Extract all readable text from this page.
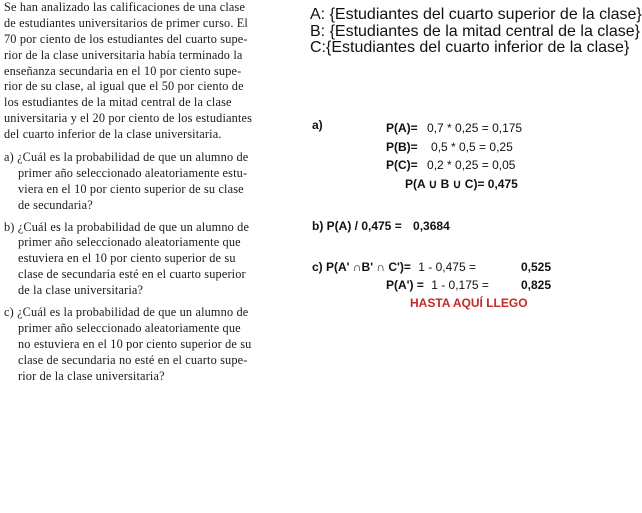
Se han analizado las calificaciones de una clase
de estudiantes universitarios de primer curso. El
70 por ciento de los estudiantes del cuarto supe-
rior de la clase universitaria había terminado la
enseñanza secundaria en el 10 por ciento supe-
rior de su clase, al igual que el 50 por ciento de
los estudiantes de la mitad central de la clase
universitaria y el 20 por ciento de los estudiantes
del cuarto inferior de la clase universitaria.
a) ¿Cuál es la probabilidad de que un alumno de
primer año seleccionado aleatoriamente estu-
viera en el 10 por ciento superior de su clase
de secundaria?
b) ¿Cuál es la probabilidad de que un alumno de
primer año seleccionado aleatoriamente que
estuviera en el 10 por ciento superior de su
clase de secundaria esté en el cuarto superior
de la clase universitaria?
c) ¿Cuál es la probabilidad de que un alumno de
primer año seleccionado aleatoriamente que
no estuviera en el 10 por ciento superior de su
clase de secundaria no esté en el cuarto supe-
rior de la clase universitaria?
A: {Estudiantes del cuarto superior de la clase}
B: {Estudiantes de la mitad central de la clase}
C:{Estudiantes del cuarto inferior de la clase}
a)	P(A)= 0,7 * 0,25 = 0,175
P(B)= 0,5 * 0,5 = 0,25
P(C)= 0,2 * 0,25 = 0,05
P(A ∪ B ∪ C)= 0,475
b) P(A) / 0,475 = 0,3684
c) P(A' ∩B' ∩ C')= 1 - 0,475 =	0,525
P(A') = 1 - 0,175 =	0,825
HASTA AQUÍ LLEGO
